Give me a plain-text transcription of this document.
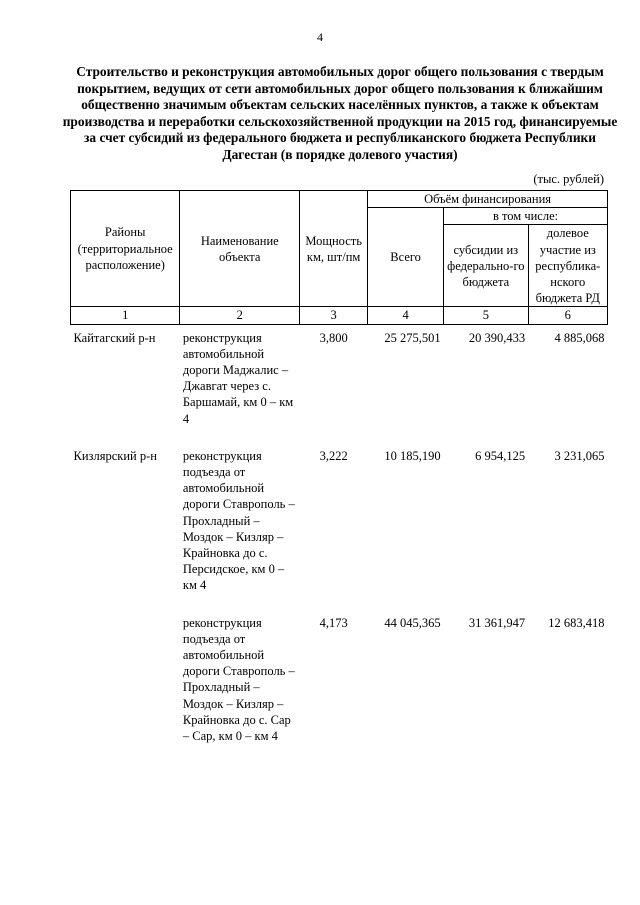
4

Строительство и реконструкция автомобильных дорог общего пользования с твердым покрытием, ведущих от сети автомобильных дорог общего пользования к ближайшим общественно значимым объектам сельских населённых пунктов, а также к объектам производства и переработки сельскохозяйственной продукции на 2015 год, финансируемые за счет субсидий из федерального бюджета и республиканского бюджета Республики Дагестан (в порядке долевого участия)

(тыс. рублей)
Районы (территориальное расположение)	Наименование объекта	Мощность км, шт/пм	Объём финансирования		
			Всего	в том числе:	
				субсидии из федерально-го бюджета	долевое участие из республика-нского бюджета РД
1	2	3	4	5	6
Кайтагский р-н	реконструкция автомобильной дороги Маджалис – Джавгат через с. Баршамай, км 0 – км 4	3,800	25 275,501	20 390,433	4 885,068
Кизлярский р-н	реконструкция подъезда от автомобильной дороги Ставрополь – Прохладный – Моздок – Кизляр – Крайновка до с. Персидское, км 0 – км 4	3,222	10 185,190	6 954,125	3 231,065
	реконструкция подъезда от автомобильной дороги Ставрополь – Прохладный – Моздок – Кизляр – Крайновка до с. Сар – Сар, км 0 – км 4	4,173	44 045,365	31 361,947	12 683,418
